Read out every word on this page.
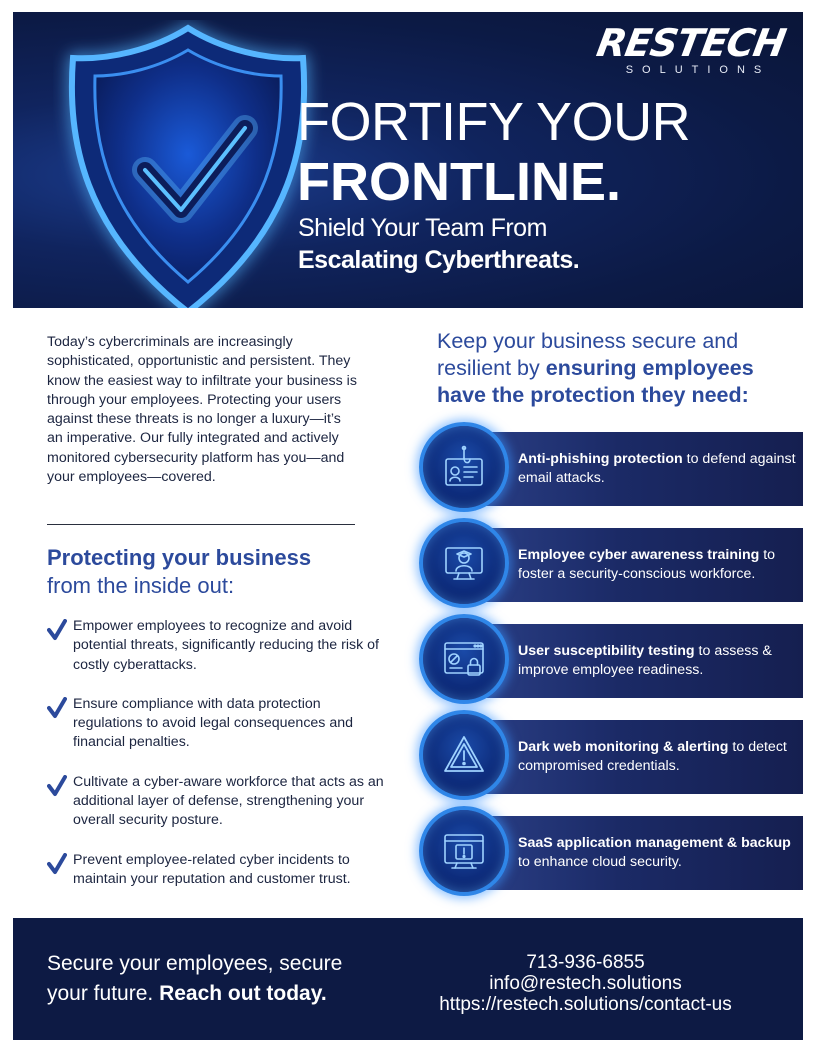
RESTECH
SOLUTIONS
FORTIFY YOUR
FRONTLINE.
Shield Your Team From
Escalating Cyberthreats.

Today’s cybercriminals are increasingly sophisticated, opportunistic and persistent. They know the easiest way to infiltrate your business is through your employees. Protecting your users against these threats is no longer a luxury—it’s an imperative. Our fully integrated and actively monitored cybersecurity platform has you—and your employees—covered.

Protecting your business
from the inside out:
Empower employees to recognize and avoid potential threats, significantly reducing the risk of costly cyberattacks.
Ensure compliance with data protection regulations to avoid legal consequences and financial penalties.
Cultivate a cyber-aware workforce that acts as an additional layer of defense, strengthening your overall security posture.
Prevent employee-related cyber incidents to maintain your reputation and customer trust.
Keep your business secure and resilient by ensuring employees have the protection they need:
Anti-phishing protection to defend against email attacks.
Employee cyber awareness training to foster a security-conscious workforce.
User susceptibility testing to assess & improve employee readiness.
Dark web monitoring & alerting to detect compromised credentials.
SaaS application management & backup to enhance cloud security.
Secure your employees, secure
your future. Reach out today.
713-936-6855
info@restech.solutions
https://restech.solutions/contact-us
